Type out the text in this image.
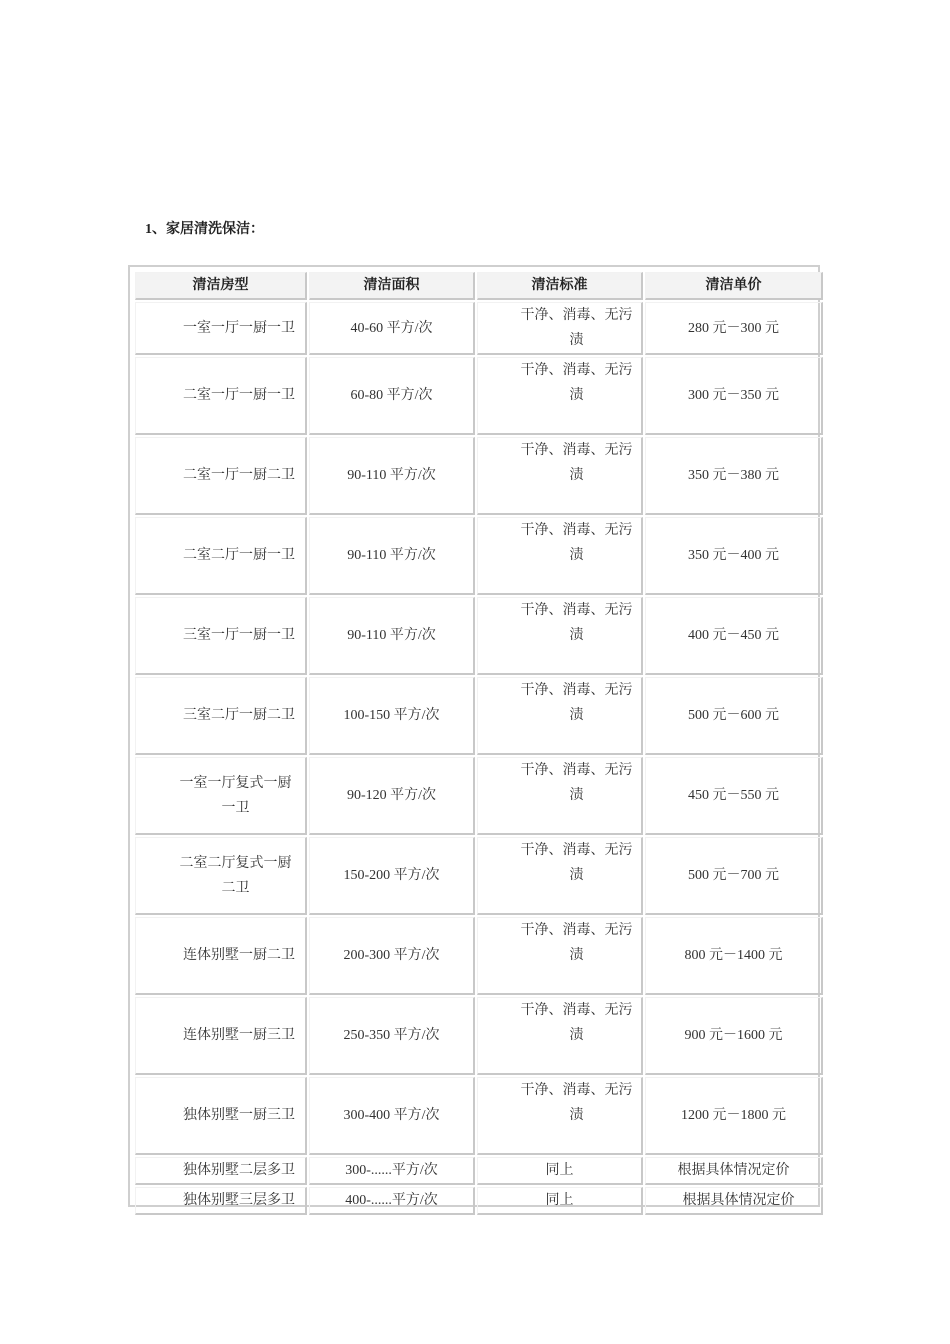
1、家居清洗保洁：
清洁房型	清洁面积	清洁标准	清洁单价
一室一厅一厨一卫	40-60 平方/次	干净、消毒、无污渍	280 元－300 元
二室一厅一厨一卫	60-80 平方/次	干净、消毒、无污渍	300 元－350 元
二室一厅一厨二卫	90-110 平方/次	干净、消毒、无污渍	350 元－380 元
二室二厅一厨一卫	90-110 平方/次	干净、消毒、无污渍	350 元－400 元
三室一厅一厨一卫	90-110 平方/次	干净、消毒、无污渍	400 元－450 元
三室二厅一厨二卫	100-150 平方/次	干净、消毒、无污渍	500 元－600 元
一室一厅复式一厨一卫	90-120 平方/次	干净、消毒、无污渍	450 元－550 元
二室二厅复式一厨二卫	150-200 平方/次	干净、消毒、无污渍	500 元－700 元
连体别墅一厨二卫	200-300 平方/次	干净、消毒、无污渍	800 元－1400 元
连体别墅一厨三卫	250-350 平方/次	干净、消毒、无污渍	900 元－1600 元
独体别墅一厨三卫	300-400 平方/次	干净、消毒、无污渍	1200 元－1800 元
独体别墅二层多卫	300-......平方/次	同上	根据具体情况定价
独体别墅三层多卫	400-......平方/次	同上	根据具体情况定价
